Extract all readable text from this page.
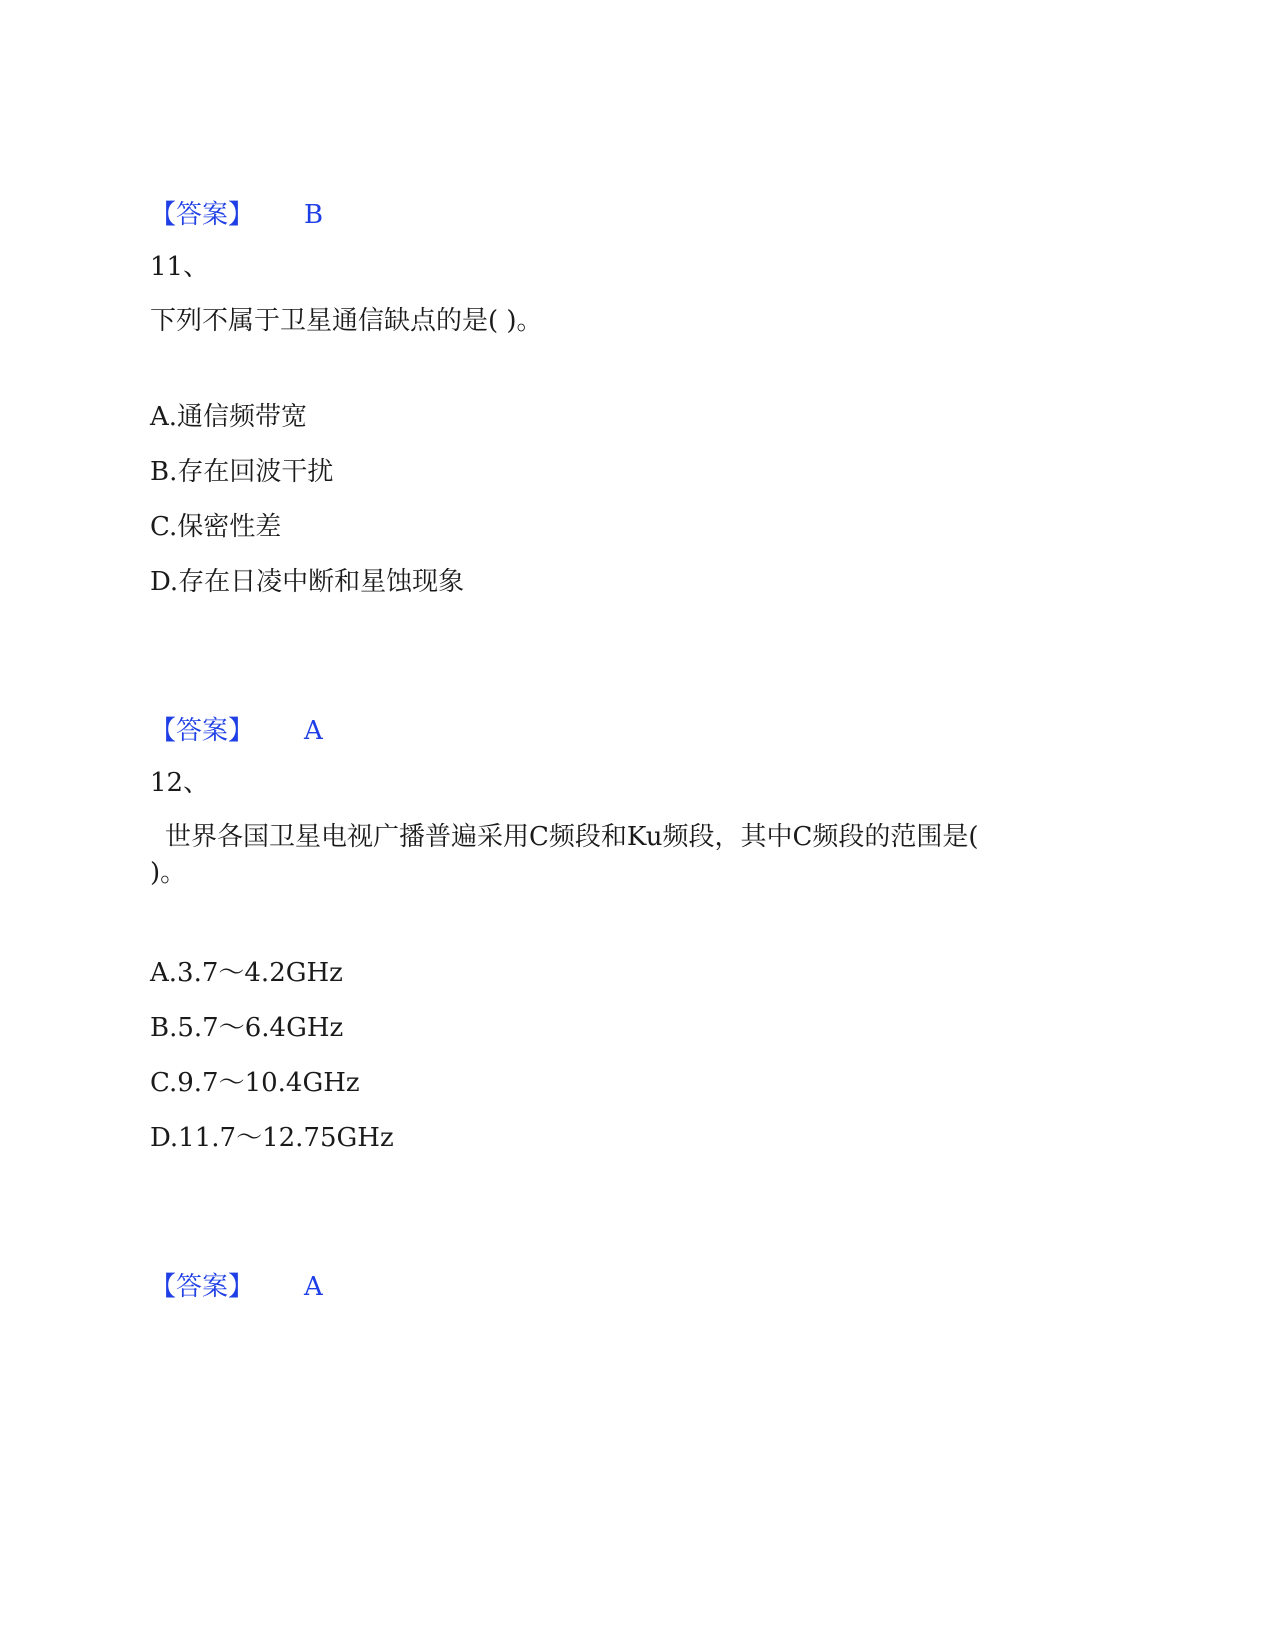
【答案】 B
11、
下列不属于卫星通信缺点的是( )。
A.通信频带宽
B.存在回波干扰
C.保密性差
D.存在日凌中断和星蚀现象
【答案】 A
12、
世界各国卫星电视广播普遍采用C频段和Ku频段，其中C频段的范围是(
)。
A.3.7～4.2GHz
B.5.7～6.4GHz
C.9.7～10.4GHz
D.11.7～12.75GHz
【答案】 A
